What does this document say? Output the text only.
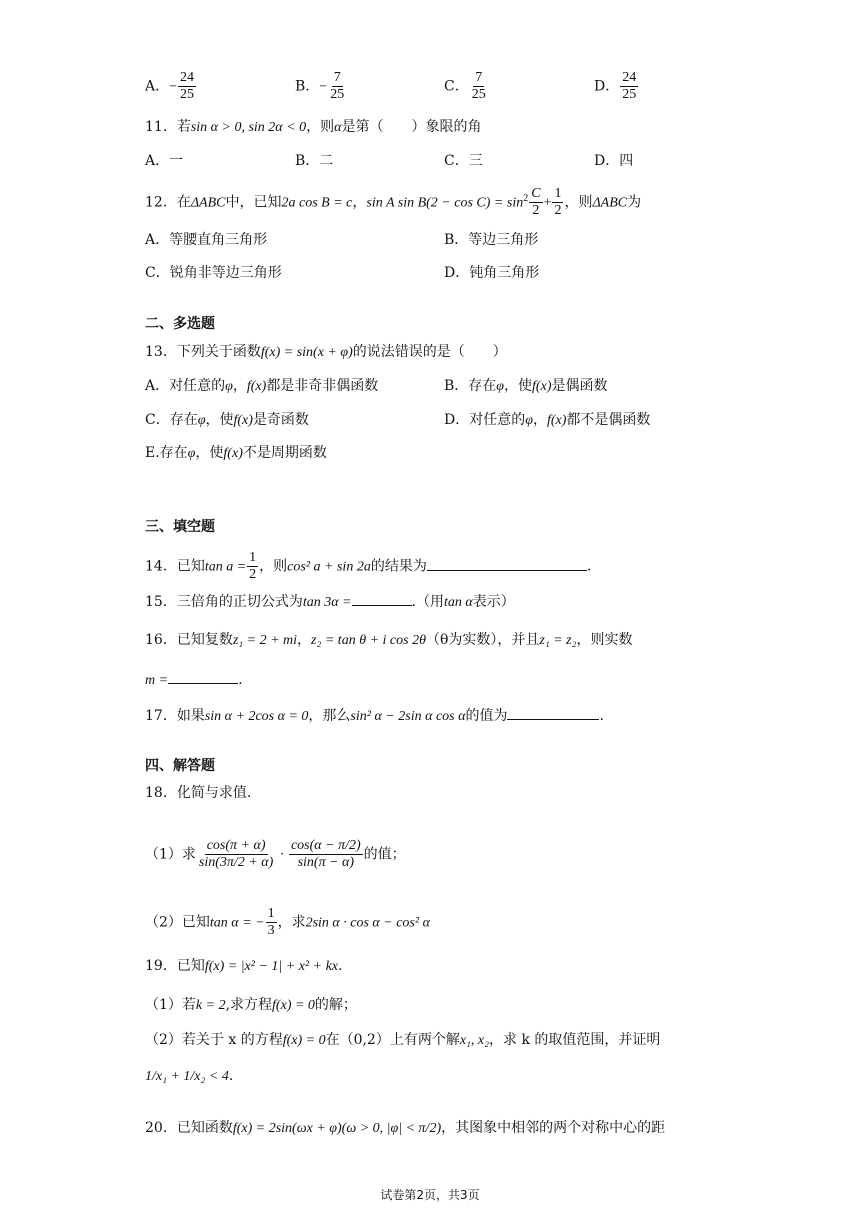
A．− $\frac{24}{25}$	B．− $\frac{7}{25}$	C． $\frac{7}{25}$	D． $\frac{24}{25}$
11．若sin α > 0, sin 2α < 0，则α是第（　　）象限的角
A．一	B．二	C．三	D．四
12．在ΔABC中，已知2a cos B = c，sin A $\sin B(2 - \cos C) = \sin^2 \frac{C}{2} + \frac{1}{2}$ ，则ΔABC为
A．等腰直角三角形	B．等边三角形
C．锐角非等边三角形	D．钝角三角形
二、多选题
13．下列关于函数f(x) = sin(x + φ)的说法错误的是（　　）
A．对任意的φ，f(x)都是非奇非偶函数	B．存在φ，使f(x)是偶函数
C．存在φ，使f(x)是奇函数	D．对任意的φ，f(x)都不是偶函数
E.存在φ，使f(x)不是周期函数
三、填空题
14．已知$\tan a = \frac{1}{2}$ ，则cos² a + sin 2a的结果为	.
15．三倍角的正切公式为tan 3α =	.（用tan α表示）
16．已知复数z₁ = 2 + mi，z₂ = tan θ + i cos 2θ（θ为实数），并且z₁ = z₂，则实数
m =	.
17．如果sin α + 2cos α = 0，那么sin² α − 2sin α cos α的值为	.
四、解答题
18．化简与求值.
（1）求 $\frac{\cos(\pi + \alpha)}{\sin(3\pi/2 + \alpha)} \cdot \frac{\cos(\alpha - \pi/2)}{\sin(\pi - \alpha)}$ 的值；
（2）已知tan α = − $\frac{1}{3}$ ，求2sin α · cos α − cos² α
19．已知f(x) = |x² − 1| + x² + kx.
（1）若k = 2,求方程f(x) = 0的解；
（2）若关于 x 的方程f(x) = 0在（0,2）上有两个解x₁, x₂，求 k 的取值范围，并证明
1/x₁ + 1/x₂ < 4.
20．已知函数f(x) = 2sin(ωx + φ)(ω > 0, |φ| < π/2)，其图象中相邻的两个对称中心的距
试卷第2页，共3页
